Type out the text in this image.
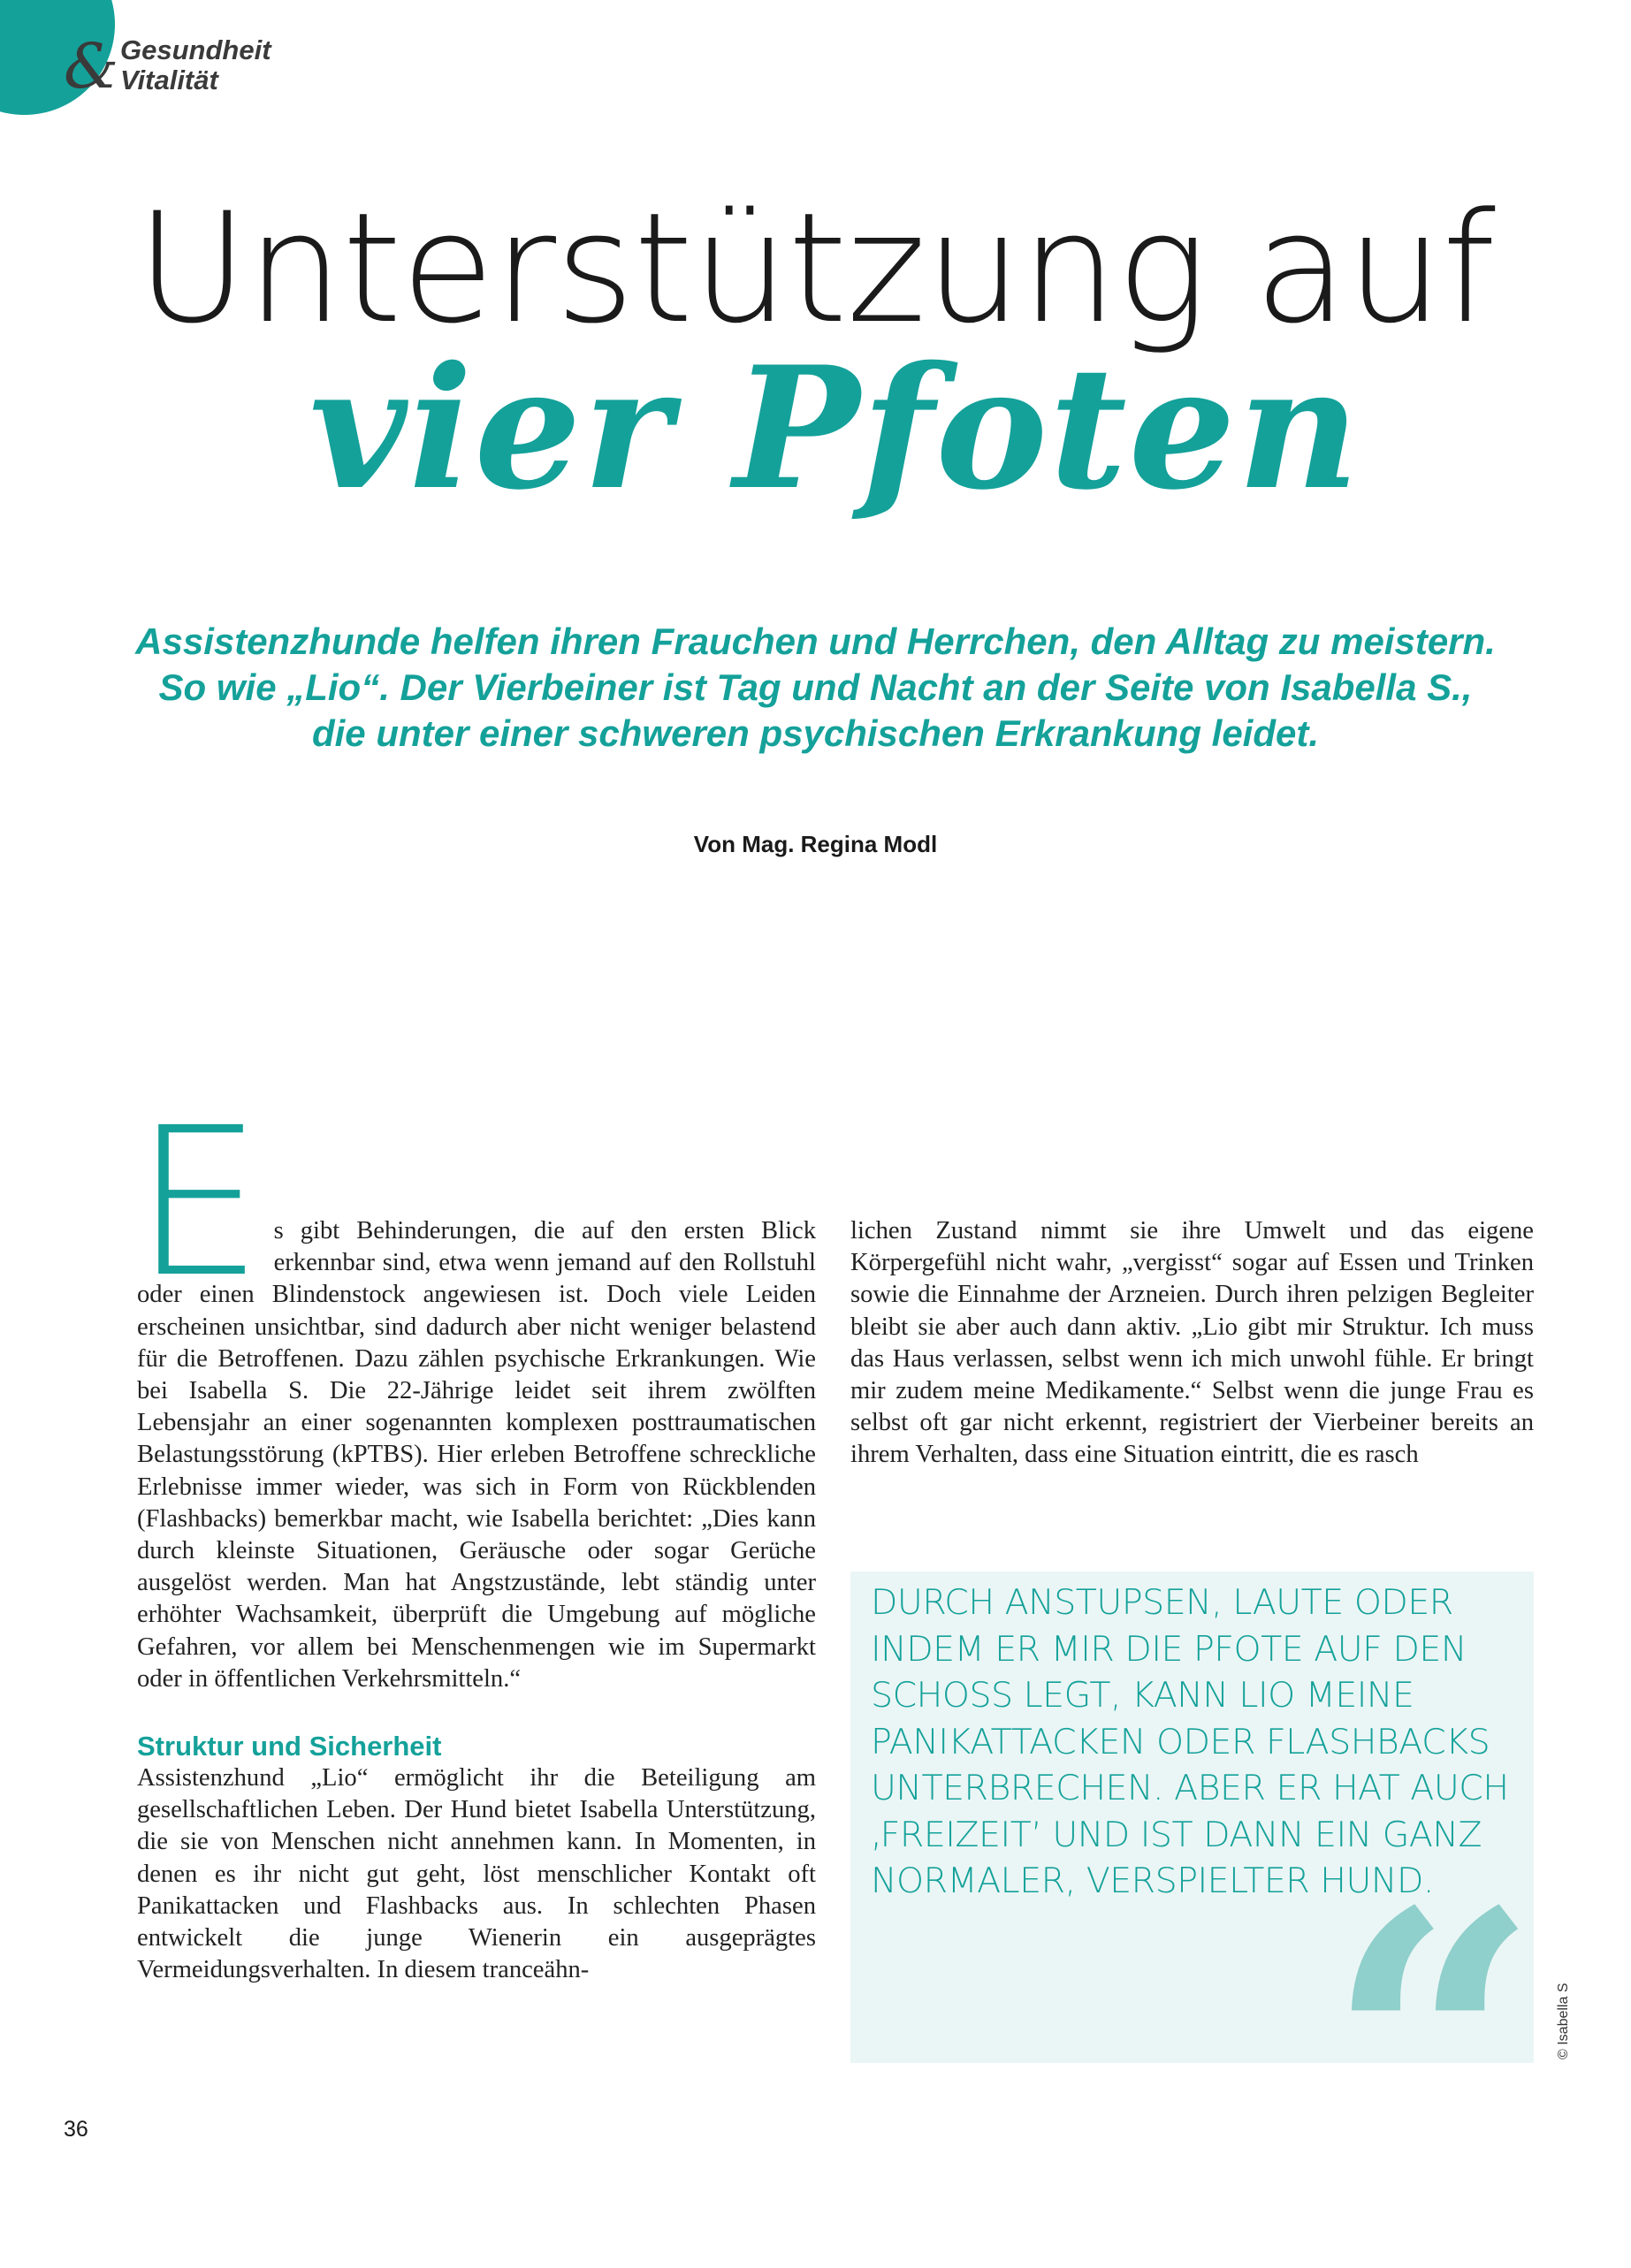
& Gesundheit
Vitalität
Unterstützung auf
vier Pfoten
Assistenzhunde helfen ihren Frauchen und Herrchen, den Alltag zu meistern.
So wie „Lio“. Der Vierbeiner ist Tag und Nacht an der Seite von Isabella S.,
die unter einer schweren psychischen Erkrankung leidet.
Von Mag. Regina Modl

Es gibt Behinderungen, die auf den ersten Blick erkennbar sind, etwa wenn jemand auf den Rollstuhl oder einen Blindenstock angewiesen ist. Doch viele Leiden erscheinen unsichtbar, sind dadurch aber nicht weniger belastend für die Betroffenen. Dazu zählen psychische Erkrankungen. Wie bei Isabella S. Die 22-Jährige leidet seit ihrem zwölften Lebensjahr an einer sogenannten komplexen posttraumatischen Belastungsstörung (kPTBS). Hier erleben Betroffene schreckliche Erlebnisse immer wieder, was sich in Form von Rückblenden (Flashbacks) bemerkbar macht, wie Isabella berichtet: „Dies kann durch kleinste Situationen, Geräusche oder sogar Gerüche ausgelöst werden. Man hat Angstzustände, lebt ständig unter erhöhter Wachsamkeit, überprüft die Umgebung auf mögliche Gefahren, vor allem bei Menschenmengen wie im Supermarkt oder in öffentlichen Verkehrsmitteln.“

Struktur und Sicherheit

Assistenzhund „Lio“ ermöglicht ihr die Beteiligung am gesellschaftlichen Leben. Der Hund bietet Isabella Unterstützung, die sie von Menschen nicht annehmen kann. In Momenten, in denen es ihr nicht gut geht, löst menschlicher Kontakt oft Panikattacken und Flashbacks aus. In schlechten Phasen entwickelt die junge Wienerin ein ausgeprägtes Vermeidungsverhalten. In diesem tranceähn-

lichen Zustand nimmt sie ihre Umwelt und das eigene Körpergefühl nicht wahr, „vergisst“ sogar auf Essen und Trinken sowie die Einnahme der Arzneien. Durch ihren pelzigen Begleiter bleibt sie aber auch dann aktiv. „Lio gibt mir Struktur. Ich muss das Haus verlassen, selbst wenn ich mich unwohl fühle. Er bringt mir zudem meine Medikamente.“ Selbst wenn die junge Frau es selbst oft gar nicht erkennt, registriert der Vierbeiner bereits an ihrem Verhalten, dass eine Situation eintritt, die es rasch

DURCH ANSTUPSEN, LAUTE ODER
INDEM ER MIR DIE PFOTE AUF DEN
SCHOSS LEGT, KANN LIO MEINE
PANIKATTACKEN ODER FLASHBACKS
UNTERBRECHEN. ABER ER HAT AUCH
‚FREIZEIT’ UND IST DANN EIN GANZ
NORMALER, VERSPIELTER HUND.
“ © Isabella S
36
